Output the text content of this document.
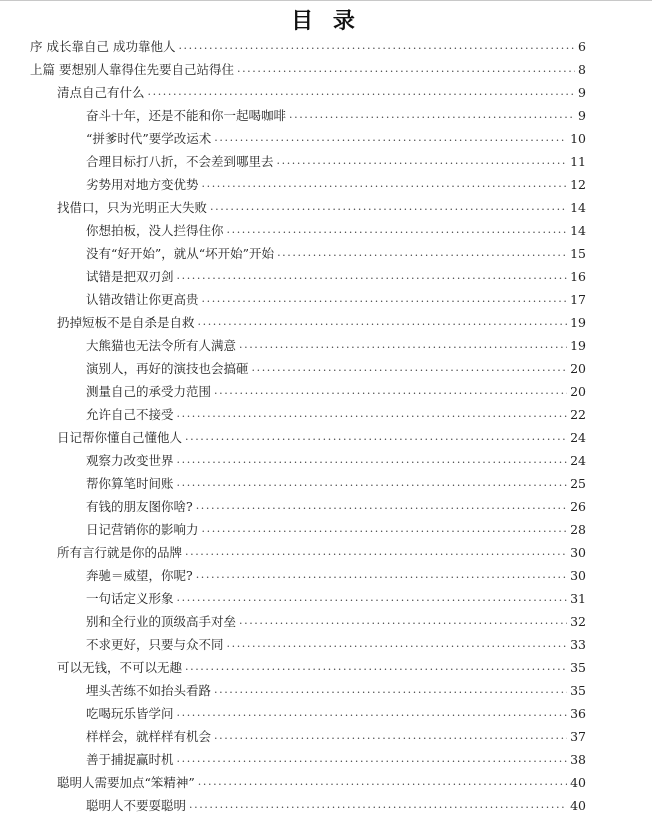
目 录
序 成长靠自己 成功靠他人 .....	6
上篇 要想别人靠得住先要自己站得住 .....	8
清点自己有什么 .....	9
奋斗十年，还是不能和你一起喝咖啡 .....	9
“拼爹时代”要学改运术 .....	10
合理目标打八折，不会差到哪里去 .....	11
劣势用对地方变优势 .....	12
找借口，只为光明正大失败 .....	14
你想拍板，没人拦得住你 .....	14
没有“好开始”，就从“坏开始”开始 .....	15
试错是把双刃剑 .....	16
认错改错让你更高贵 .....	17
扔掉短板不是自杀是自救 .....	19
大熊猫也无法令所有人满意 .....	19
演别人，再好的演技也会搞砸 .....	20
测量自己的承受力范围 .....	20
允许自己不接受 .....	22
日记帮你懂自己懂他人 .....	24
观察力改变世界 .....	24
帮你算笔时间账 .....	25
有钱的朋友图你啥? .....	26
日记营销你的影响力 .....	28
所有言行就是你的品牌 .....	30
奔驰＝威望，你呢? .....	30
一句话定义形象 .....	31
别和全行业的顶级高手对垒 .....	32
不求更好，只要与众不同 .....	33
可以无钱，不可以无趣 .....	35
埋头苦练不如抬头看路 .....	35
吃喝玩乐皆学问 .....	36
样样会，就样样有机会 .....	37
善于捕捉赢时机 .....	38
聪明人需要加点“笨精神” .....	40
聪明人不要耍聪明 .....	40
